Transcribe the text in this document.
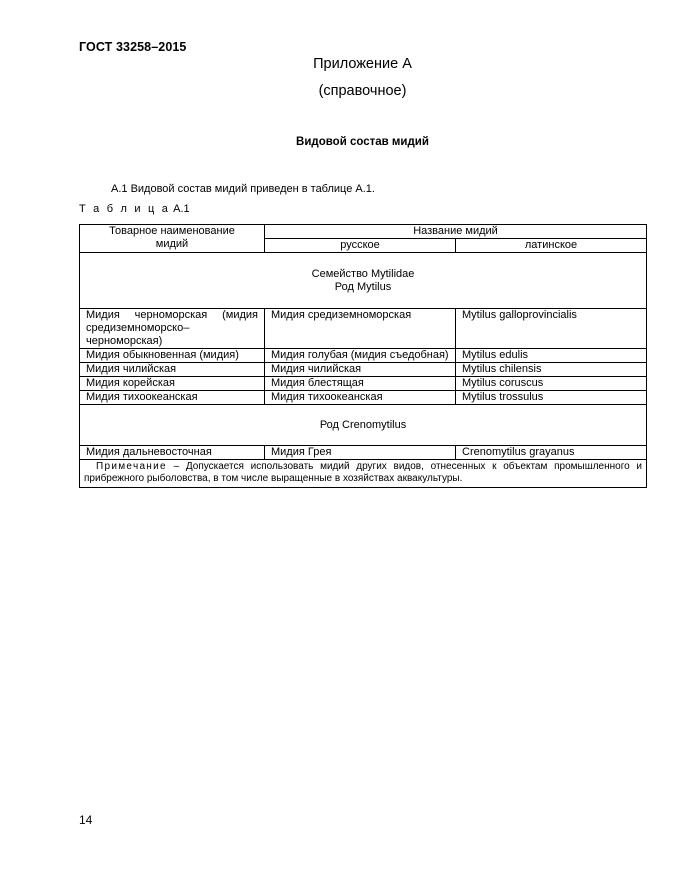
ГОСТ 33258–2015
Приложение А
(справочное)
Видовой состав мидий
А.1 Видовой состав мидий приведен в таблице А.1.
Т а б л и ц а А.1
Товарное наименование мидий	Название мидий	
	русское	латинское

Семейство Mytilidae
Род Mytilus		

Мидия черноморская (мидия средиземноморско–черноморская)	Мидия средиземноморская	Mytilus galloprovincialis
Мидия обыкновенная (мидия)	Мидия голубая (мидия съедобная)	Mytilus edulis
Мидия чилийская	Мидия чилийская	Mytilus chilensis
Мидия корейская	Мидия блестящая	Mytilus coruscus
Мидия тихоокеанская	Мидия тихоокеанская	Mytilus trossulus
Род Crenomytilus		
Мидия дальневосточная	Мидия Грея	Crenomytilus grayanus
Примечание – Допускается использовать мидий других видов, отнесенных к объектам промышленного и прибрежного рыболовства, в том числе выращенные в хозяйствах аквакультуры.		
14
